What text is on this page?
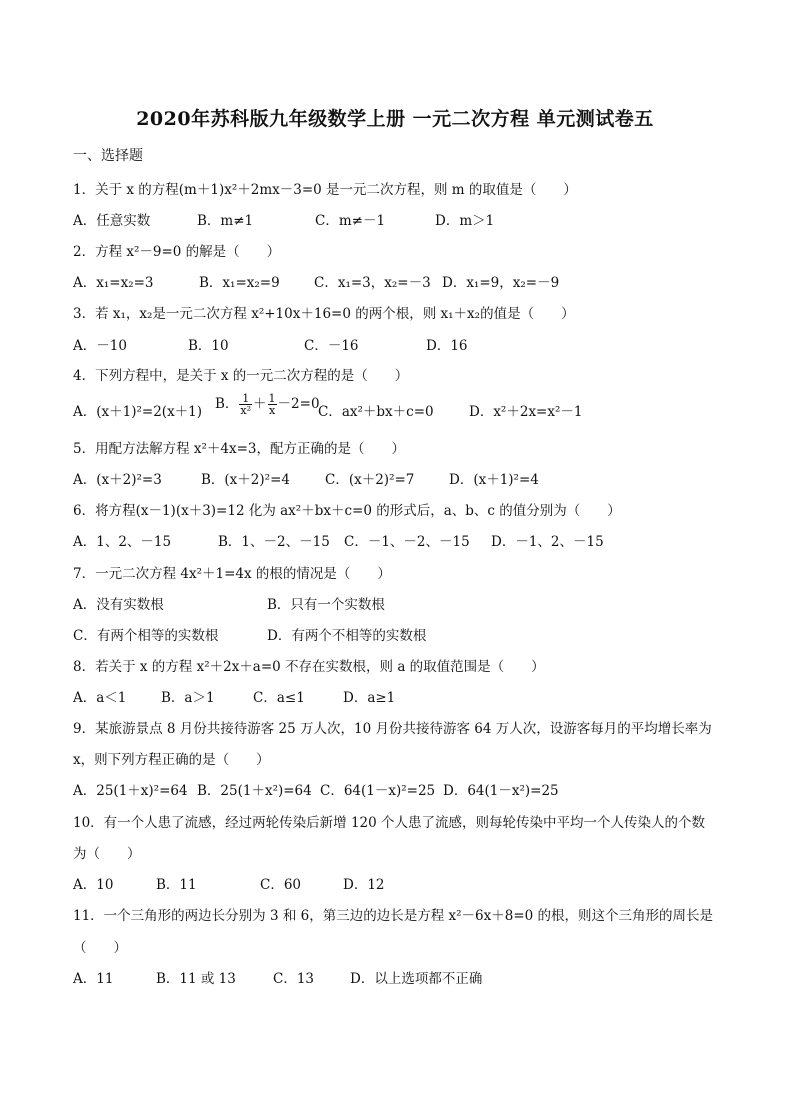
2020年苏科版九年级数学上册 一元二次方程 单元测试卷五
一、选择题
1．关于 x 的方程(m＋1)x²＋2mx－3=0 是一元二次方程，则 m 的取值是（　　）
A．任意实数	B．m≠1	C．m≠－1	D．m＞1
2．方程 x²－9=0 的解是（　　）
A．x₁=x₂=3	B．x₁=x₂=9	C．x₁=3，x₂=－3 D．x₁=9，x₂=－9
3．若 x₁，x₂是一元二次方程 x²+10x＋16=0 的两个根，则 x₁＋x₂的值是（　　）
A．－10	B．10	C．－16	D．16
4．下列方程中，是关于 x 的一元二次方程的是（　　）
A．(x＋1)²=2(x＋1) B． $\frac{1}{\text{x²}} + \frac{1}{x} -2=0$
C．ax²＋bx＋c=0	D．x²＋2x=x²－1
5．用配方法解方程 x²＋4x=3，配方正确的是（　　）
A．(x＋2)²=3	B．(x＋2)²=4	C．(x＋2)²=7	D．(x＋1)²=4
6．将方程(x－1)(x＋3)=12 化为 ax²＋bx＋c=0 的形式后，a、b、c 的值分别为（　　）
A．1、2、－15	B．1、－2、－15 C．－1、－2、－15 D．－1、2、－15
7．一元二次方程 4x²＋1=4x 的根的情况是（　　）
A．没有实数根	B．只有一个实数根
C．有两个相等的实数根	D．有两个不相等的实数根
8．若关于 x 的方程 x²＋2x＋a=0 不存在实数根，则 a 的取值范围是（　　）
A．a＜1	B．a＞1	C．a≤1	D．a≥1
9．某旅游景点 8 月份共接待游客 25 万人次，10 月份共接待游客 64 万人次，设游客每月的平均增长率为
x，则下列方程正确的是（　　）
A．25(1＋x)²=64 B．25(1＋x²)=64 C．64(1－x)²=25 D．64(1－x²)=25
10．有一个人患了流感，经过两轮传染后新增 120 个人患了流感，则每轮传染中平均一个人传染人的个数
为（　　）
A．10	B．11	C．60	D．12
11．一个三角形的两边长分别为 3 和 6，第三边的边长是方程 x²－6x＋8=0 的根，则这个三角形的周长是
（　　）
A．11	B．11 或 13	C．13	D．以上选项都不正确
